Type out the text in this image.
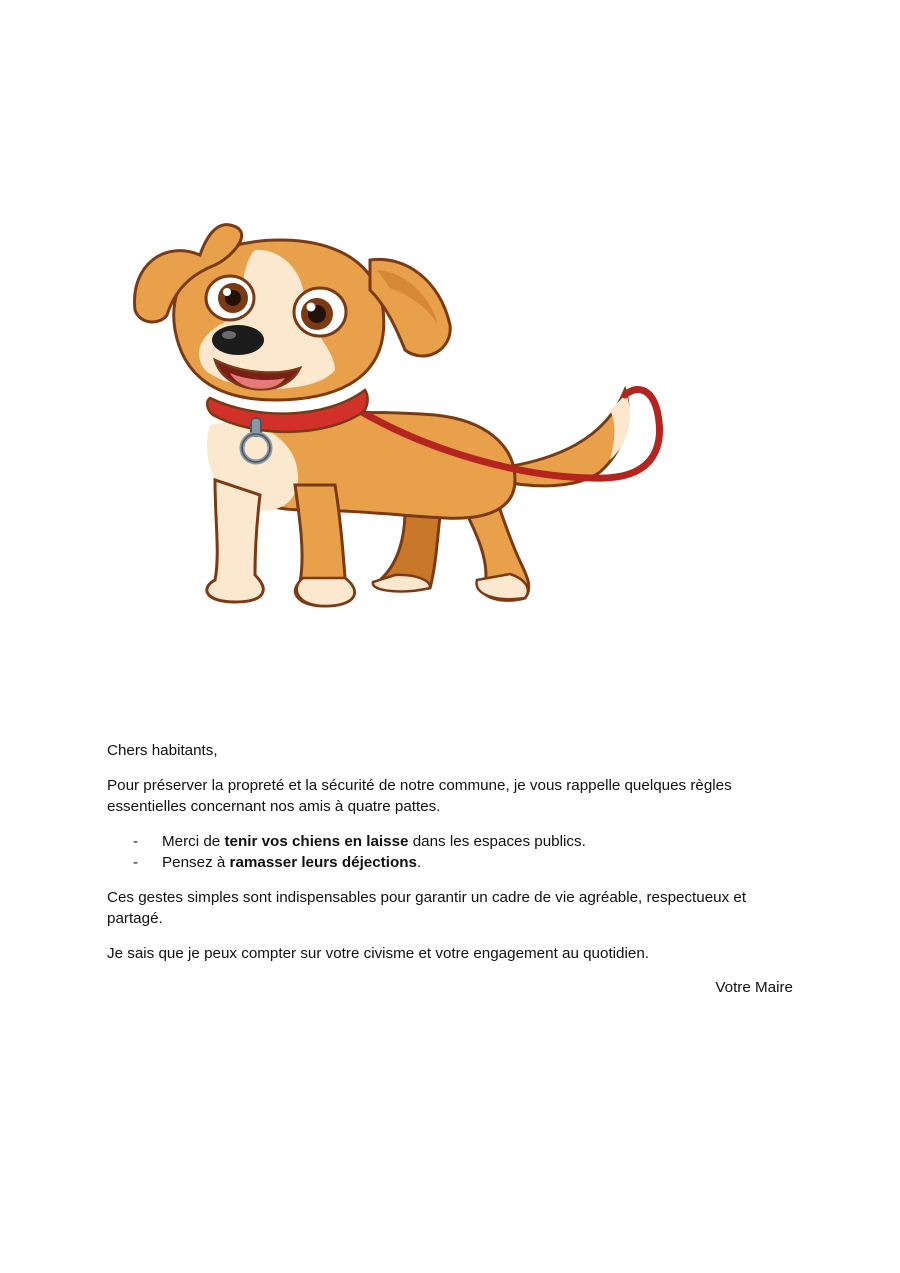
Chers habitants,

Pour préserver la propreté et la sécurité de notre commune, je vous rappelle quelques règles essentielles concernant nos amis à quatre pattes.

- Merci de tenir vos chiens en laisse dans les espaces publics.
- Pensez à ramasser leurs déjections.

Ces gestes simples sont indispensables pour garantir un cadre de vie agréable, respectueux et partagé.

Je sais que je peux compter sur votre civisme et votre engagement au quotidien.

Votre Maire
